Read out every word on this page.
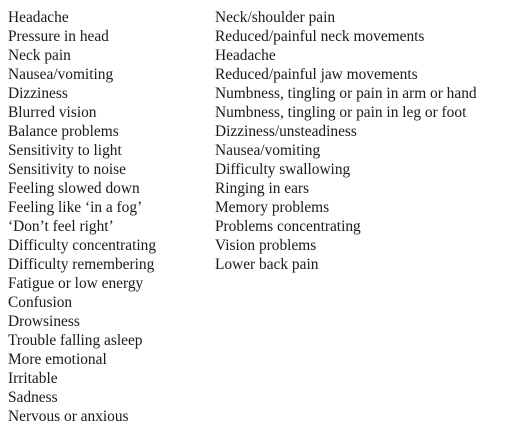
Headache
Pressure in head
Neck pain
Nausea/vomiting
Dizziness
Blurred vision
Balance problems
Sensitivity to light
Sensitivity to noise
Feeling slowed down
Feeling like ‘in a fog’
‘Don’t feel right’
Difficulty concentrating
Difficulty remembering
Fatigue or low energy
Confusion
Drowsiness
Trouble falling asleep
More emotional
Irritable
Sadness
Nervous or anxious
Neck/shoulder pain
Reduced/painful neck movements
Headache
Reduced/painful jaw movements
Numbness, tingling or pain in arm or hand
Numbness, tingling or pain in leg or foot
Dizziness/unsteadiness
Nausea/vomiting
Difficulty swallowing
Ringing in ears
Memory problems
Problems concentrating
Vision problems
Lower back pain
